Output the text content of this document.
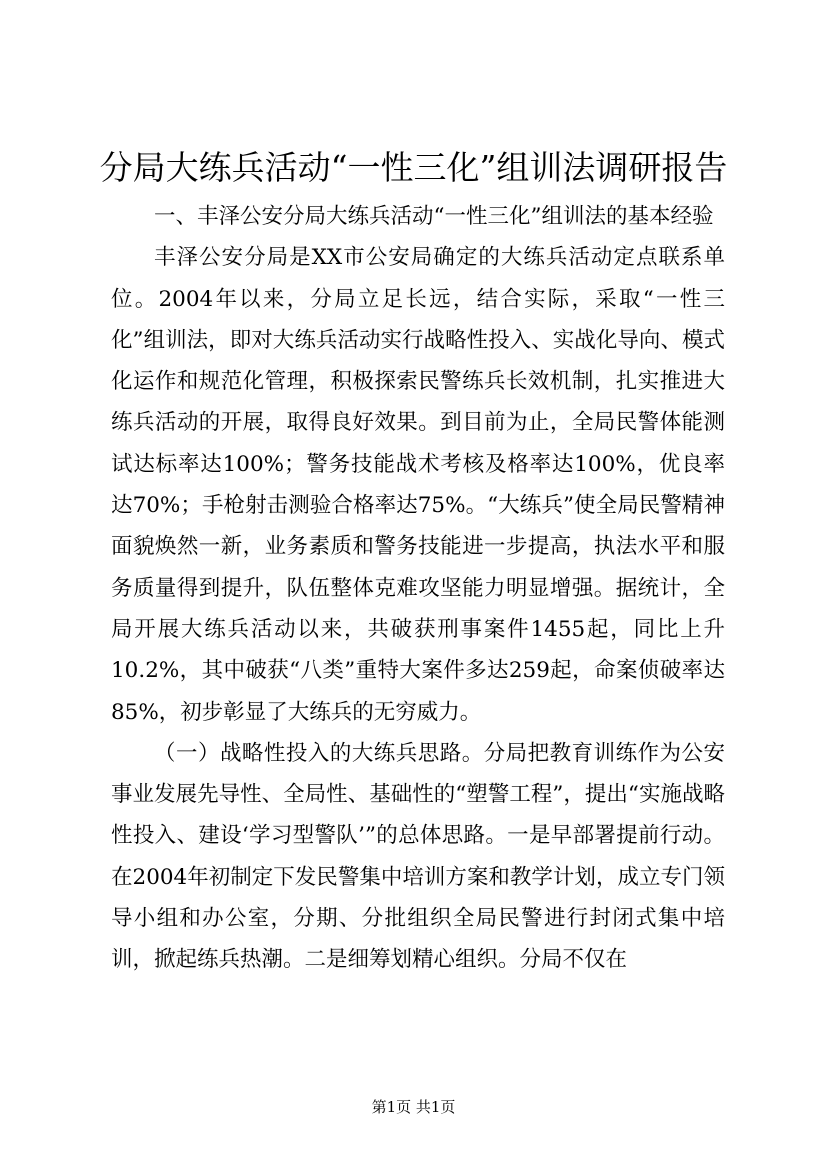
分局大练兵活动“一性三化”组训法调研报告

一、丰泽公安分局大练兵活动“一性三化”组训法的基本经验

丰泽公安分局是XX市公安局确定的大练兵活动定点联系单位。2004年以来，分局立足长远，结合实际，采取“一性三化”组训法，即对大练兵活动实行战略性投入、实战化导向、模式化运作和规范化管理，积极探索民警练兵长效机制，扎实推进大练兵活动的开展，取得良好效果。到目前为止，全局民警体能测试达标率达100%；警务技能战术考核及格率达100%，优良率达70%；手枪射击测验合格率达75%。“大练兵”使全局民警精神面貌焕然一新，业务素质和警务技能进一步提高，执法水平和服务质量得到提升，队伍整体克难攻坚能力明显增强。据统计，全局开展大练兵活动以来，共破获刑事案件1455起，同比上升10.2%，其中破获“八类”重特大案件多达259起，命案侦破率达85%，初步彰显了大练兵的无穷威力。

（一）战略性投入的大练兵思路。分局把教育训练作为公安事业发展先导性、全局性、基础性的“塑警工程”，提出“实施战略性投入、建设‘学习型警队’”的总体思路。一是早部署提前行动。在2004年初制定下发民警集中培训方案和教学计划，成立专门领导小组和办公室，分期、分批组织全局民警进行封闭式集中培训，掀起练兵热潮。二是细筹划精心组织。分局不仅在

第1页 共1页
